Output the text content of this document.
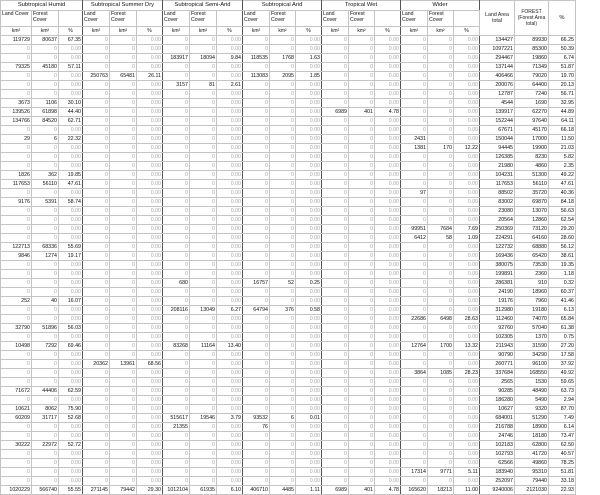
Subtropical Humid			Subtropical Summer Dry			Subtropical Semi-Arid			Subtropical Arid			Tropical Wet			Wider			Land Area total	FOREST (Forest Area total)	%
Land Cover	Forest Cover		Land Cover	Forest Cover		Land Cover	Forest Cover		Land Cover	Forest Cover		Land Cover	Forest Cover		Land Cover	Forest Cover				
km²	km²	%	km²	km²	%	km²	km²	%	km²	km²	%	km²	km²	%	km²	km²	%			
119729	80637	67.35	0	0	0.00	0	0	0.00	0	0	0.00	0	0	0.00	0	0	0.00	134427	89930	66.25
0	0	0.00	0	0	0.00	0	0	0.00	0	0	0.00	0	0	0.00	0	0	0.00	1097221	85300	50.39
0	0	0.00	0	0	0.00	183917	18094	9.84	118535	1768	1.63	0	0	0.00	0	0	0.00	294467	19860	6.74
79325	45180	57.11	0	0	0.00	0	0	0.00	0	0	0.00	0	0	0.00	0	0	0.00	137144	71349	51.87
0	0	0.00	250763	65481	26.11	0	0	0.00	113083	2095	1.85	0	0	0.00	0	0	0.00	406466	79020	19.70
0	0	0.00	0	0	0.00	3157	81	2.61	0	0	0.00	0	0	0.00	0	0	0.00	200076	64400	20.13
0	0	0.00	0	0	0.00	0	0	0.00	0	0	0.00	0	0	0.00	0	0	0.00	12787	7240	56.71
3673	1106	30.10	0	0	0.00	0	0	0.00	0	0	0.00	0	0	0.00	0	0	0.00	4544	1690	32.95
139526	61898	44.40	0	0	0.00	0	0	0.00	0	0	0.00	6989	401	4.78	0	0	0.00	139917	62270	44.89
134766	84520	62.71	0	0	0.00	0	0	0.00	0	0	0.00	0	0	0.00	0	0	0.00	152244	97640	64.11
0	0	0.00	0	0	0.00	0	0	0.00	0	0	0.00	0	0	0.00	0	0	0.00	67671	45170	66.18
29	6	22.32	0	0	0.00	0	0	0.00	0	0	0.00	0	0	0.00	2431	0	0.00	150044	17000	11.50
0	0	0.00	0	0	0.00	0	0	0.00	0	0	0.00	0	0	0.00	1381	170	12.22	94445	19900	21.03
0	0	0.00	0	0	0.00	0	0	0.00	0	0	0.00	0	0	0.00	0	0	0.00	126385	8230	5.82
0	0	0.00	0	0	0.00	0	0	0.00	0	0	0.00	0	0	0.00	0	0	0.00	21980	4860	2.35
1826	362	19.85	0	0	0.00	0	0	0.00	0	0	0.00	0	0	0.00	0	0	0.00	104231	51300	49.22
117653	56110	47.61	0	0	0.00	0	0	0.00	0	0	0.00	0	0	0.00	0	0	0.00	117653	56110	47.61
0	0	0.00	0	0	0.00	0	0	0.00	0	0	0.00	0	0	0.00	97	0	0.00	88502	35720	40.36
9176	5391	58.74	0	0	0.00	0	0	0.00	0	0	0.00	0	0	0.00	0	0	0.00	83002	69870	84.18
0	0	0.00	0	0	0.00	0	0	0.00	0	0	0.00	0	0	0.00	0	0	0.00	23080	13070	56.63
0	0	0.00	0	0	0.00	0	0	0.00	0	0	0.00	0	0	0.00	0	0	0.00	20564	12860	62.54
0	0	0.00	0	0	0.00	0	0	0.00	0	0	0.00	0	0	0.00	99951	7684	7.69	250369	73120	29.20
0	0	0.00	0	0	0.00	0	0	0.00	0	0	0.00	0	0	0.00	6412	58	1.09	224291	64160	28.60
122713	68336	55.69	0	0	0.00	0	0	0.00	0	0	0.00	0	0	0.00	0	0	0.00	122732	68880	56.12
9846	1274	19.17	0	0	0.00	0	0	0.00	0	0	0.00	0	0	0.00	0	0	0.00	169436	65420	38.61
0	0	0.00	0	0	0.00	0	0	0.00	0	0	0.00	0	0	0.00	0	0	0.00	380075	73530	19.35
0	0	0.00	0	0	0.00	0	0	0.00	0	0	0.00	0	0	0.00	0	0	0.00	199891	2360	1.18
0	0	0.00	0	0	0.00	680	0	0.00	16757	52	0.25	0	0	0.00	0	0	0.00	286381	910	0.32
0	0	0.00	0	0	0.00	0	0	0.00	0	0	0.00	0	0	0.00	0	0	0.00	24190	18960	60.37
252	40	16.07	0	0	0.00	0	0	0.00	0	0	0.00	0	0	0.00	0	0	0.00	19176	7960	41.46
0	0	0.00	0	0	0.00	208116	13049	6.27	64794	376	0.58	0	0	0.00	0	0	0.00	312980	19180	6.13
0	0	0.00	0	0	0.00	0	0	0.00	0	0	0.00	0	0	0.00	22686	6498	28.63	112460	74070	65.84
32790	51896	56.03	0	0	0.00	0	0	0.00	0	0	0.00	0	0	0.00	0	0	0.00	92760	57040	61.38
0	0	0.00	0	0	0.00	0	0	0.00	0	0	0.00	0	0	0.00	0	0	0.00	102305	1370	0.75
10498	7292	69.46	0	0	0.00	83268	11164	13.40	0	0	0.00	0	0	0.00	12764	1700	13.32	211943	31590	27.20
0	0	0.00	0	0	0.00	0	0	0.00	0	0	0.00	0	0	0.00	0	0	0.00	90790	34290	17.58
0	0	0.00	20362	13961	68.56	0	0	0.00	0	0	0.00	0	0	0.00	0	0	0.00	260771	96100	37.92
0	0	0.00	0	0	0.00	0	0	0.00	0	0	0.00	0	0	0.00	3864	1085	28.23	337684	168550	49.92
0	0	0.00	0	0	0.00	0	0	0.00	0	0	0.00	0	0	0.00	0	0	0.00	2565	1530	59.65
71672	44406	62.59	0	0	0.00	0	0	0.00	0	0	0.00	0	0	0.00	0	0	0.00	90285	48490	63.73
0	0	0.00	0	0	0.00	0	0	0.00	0	0	0.00	0	0	0.00	0	0	0.00	186280	5490	2.94
10621	8062	75.90	0	0	0.00	0	0	0.00	0	0	0.00	0	0	0.00	0	0	0.00	10627	9320	87.70
60209	31717	52.68	0	0	0.00	515617	19546	3.79	93532	6	0.01	0	0	0.00	0	0	0.00	684001	51290	7.49
0	0	0.00	0	0	0.00	21355	0	0.00	76	0	0.00	0	0	0.00	0	0	0.00	216788	18900	6.14
0	0	0.00	0	0	0.00	0	0	0.00	0	0	0.00	0	0	0.00	0	0	0.00	24746	18180	73.47
30222	22972	52.72	0	0	0.00	0	0	0.00	0	0	0.00	0	0	0.00	0	0	0.00	102183	62800	62.50
0	0	0.00	0	0	0.00	0	0	0.00	0	0	0.00	0	0	0.00	0	0	0.00	102793	41720	40.57
0	0	0.00	0	0	0.00	0	0	0.00	0	0	0.00	0	0	0.00	0	0	0.00	62566	49860	78.25
0	0	0.00	0	0	0.00	0	0	0.00	0	0	0.00	0	0	0.00	17314	9771	5.11	183940	95310	51.81
0	0	0.00	0	0	0.00	0	0	0.00	0	0	0.00	0	0	0.00	0	0	0.00	252097	79440	33.18
1020229	566740	55.55	271145	79442	29.30	1012104	61935	6.10	406710	4485	1.11	6989	401	4.78	165620	18213	11.00	9240006	2121030	22.93
